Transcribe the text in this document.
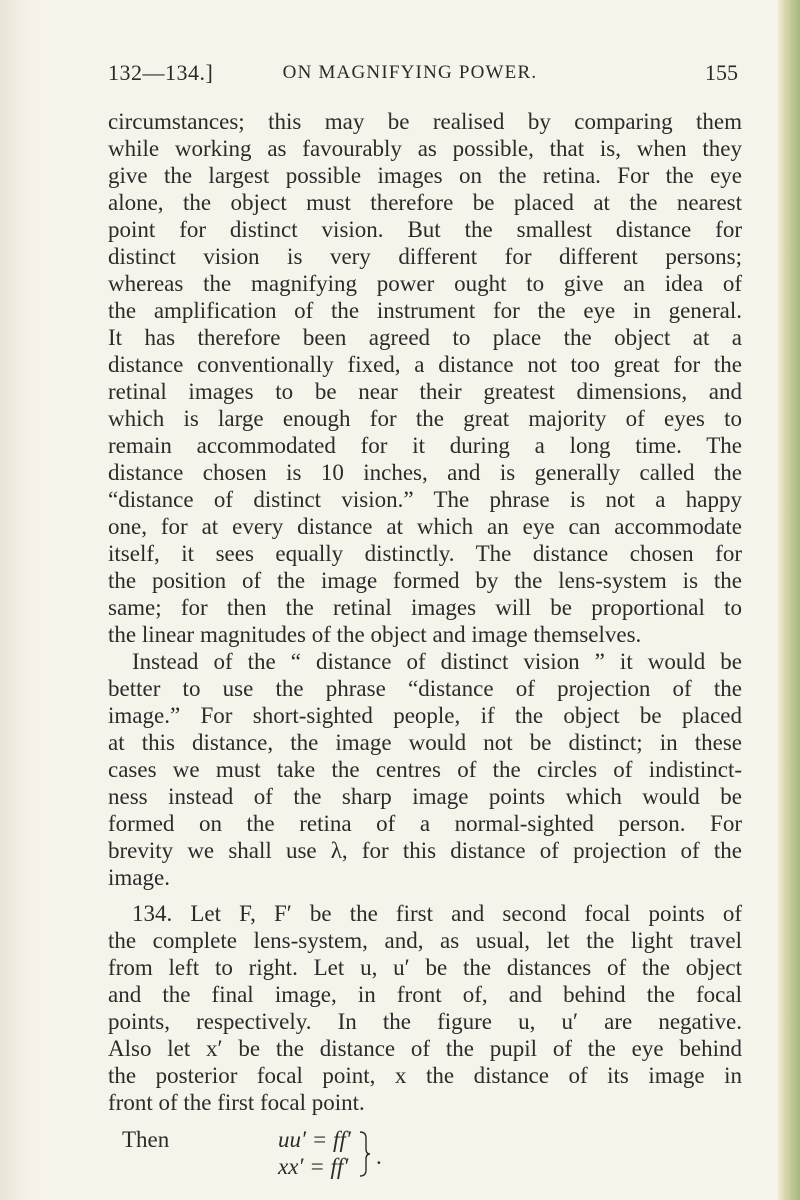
132—134.]	ON MAGNIFYING POWER.	155
circumstances; this may be realised by comparing them
while working as favourably as possible, that is, when they
give the largest possible images on the retina. For the eye
alone, the object must therefore be placed at the nearest
point for distinct vision. But the smallest distance for
distinct vision is very different for different persons;
whereas the magnifying power ought to give an idea of
the amplification of the instrument for the eye in general.
It has therefore been agreed to place the object at a
distance conventionally fixed, a distance not too great for the
retinal images to be near their greatest dimensions, and
which is large enough for the great majority of eyes to
remain accommodated for it during a long time. The
distance chosen is 10 inches, and is generally called the
“distance of distinct vision.” The phrase is not a happy
one, for at every distance at which an eye can accommodate
itself, it sees equally distinctly. The distance chosen for
the position of the image formed by the lens-system is the
same; for then the retinal images will be proportional to
the linear magnitudes of the object and image themselves.
Instead of the “ distance of distinct vision ” it would be
better to use the phrase “distance of projection of the
image.” For short-sighted people, if the object be placed
at this distance, the image would not be distinct; in these
cases we must take the centres of the circles of indistinct-
ness instead of the sharp image points which would be
formed on the retina of a normal-sighted person. For
brevity we shall use λ, for this distance of projection of the
image.
134. Let F, F′ be the first and second focal points of
the complete lens-system, and, as usual, let the light travel
from left to right. Let u, u′ be the distances of the object
and the final image, in front of, and behind the focal
points, respectively. In the figure u, u′ are negative.
Also let x′ be the distance of the pupil of the eye behind
the posterior focal point, x the distance of its image in
front of the first focal point.
Then	uu′ = ff′
xx′ = ff′ .
